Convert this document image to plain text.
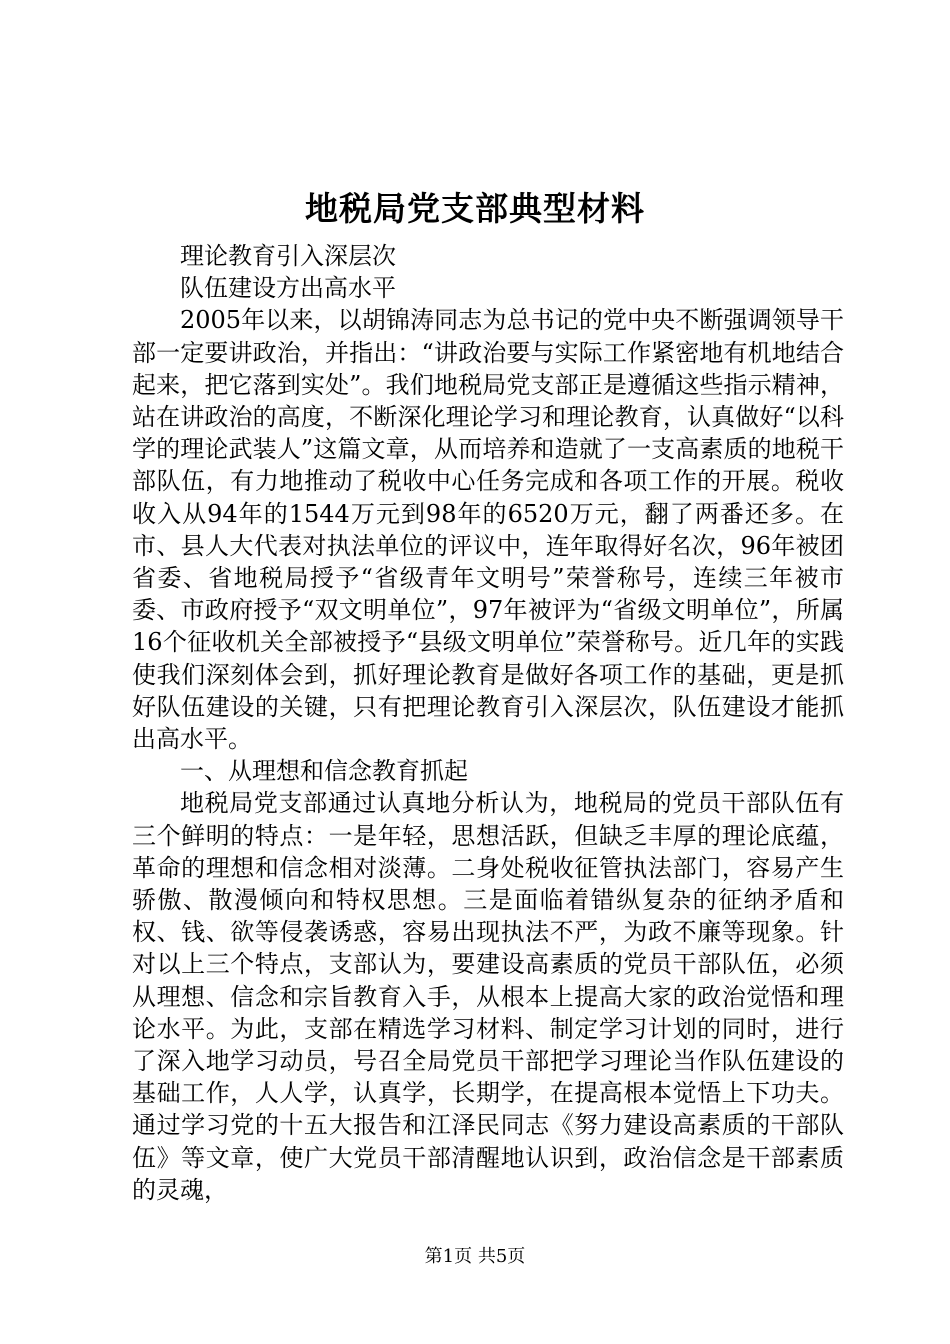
地税局党支部典型材料

理论教育引入深层次

队伍建设方出高水平

2005年以来，以胡锦涛同志为总书记的党中央不断强调领导干部一定要讲政治，并指出：“讲政治要与实际工作紧密地有机地结合起来，把它落到实处”。我们地税局党支部正是遵循这些指示精神，站在讲政治的高度，不断深化理论学习和理论教育，认真做好“以科学的理论武装人”这篇文章，从而培养和造就了一支高素质的地税干部队伍，有力地推动了税收中心任务完成和各项工作的开展。税收收入从94年的1544万元到98年的6520万元，翻了两番还多。在市、县人大代表对执法单位的评议中，连年取得好名次，96年被团省委、省地税局授予“省级青年文明号”荣誉称号，连续三年被市委、市政府授予“双文明单位”，97年被评为“省级文明单位”，所属16个征收机关全部被授予“县级文明单位”荣誉称号。近几年的实践使我们深刻体会到，抓好理论教育是做好各项工作的基础，更是抓好队伍建设的关键，只有把理论教育引入深层次，队伍建设才能抓出高水平。

一、从理想和信念教育抓起

地税局党支部通过认真地分析认为，地税局的党员干部队伍有三个鲜明的特点：一是年轻，思想活跃，但缺乏丰厚的理论底蕴，革命的理想和信念相对淡薄。二身处税收征管执法部门，容易产生骄傲、散漫倾向和特权思想。三是面临着错纵复杂的征纳矛盾和权、钱、欲等侵袭诱惑，容易出现执法不严，为政不廉等现象。针对以上三个特点，支部认为，要建设高素质的党员干部队伍，必须从理想、信念和宗旨教育入手，从根本上提高大家的政治觉悟和理论水平。为此，支部在精选学习材料、制定学习计划的同时，进行了深入地学习动员，号召全局党员干部把学习理论当作队伍建设的基础工作，人人学，认真学，长期学，在提高根本觉悟上下功夫。通过学习党的十五大报告和江泽民同志《努力建设高素质的干部队伍》等文章，使广大党员干部清醒地认识到，政治信念是干部素质的灵魂，

第1页 共5页
